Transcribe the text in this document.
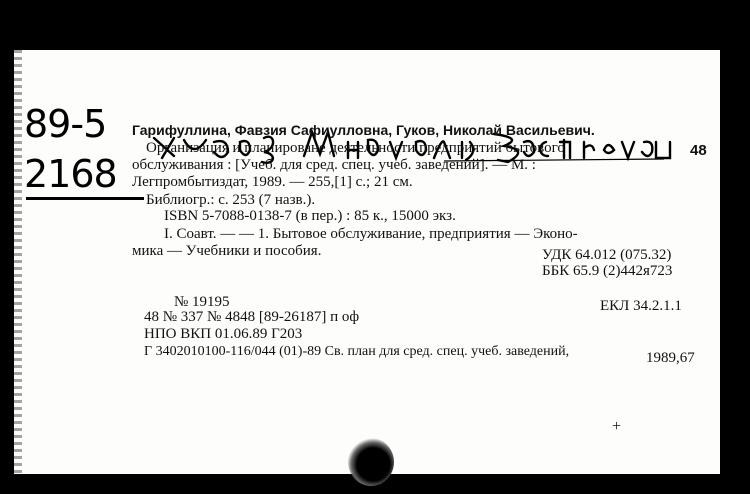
89-5
2168
48
Гарифуллина, Фавзия Сафиулловна, Гуков, Николай Васильевич.
Организация и планироване деятельности предприятий бытового
обслуживания : [Учеб. для сред. спец. учеб. заведений]. — М. :
Легпромбытиздат, 1989. — 255,[1] с.; 21 см.
Библиогр.: с. 253 (7 назв.).
ISBN 5-7088-0138-7 (в пер.) : 85 к., 15000 экз.
I. Соавт. — — 1. Бытовое обслуживание, предприятия — Эконо-
мика — Учебники и пособия.	УДК 64.012 (075.32)
ББК 65.9 (2)442я723
№ 19195
48 № 337 № 4848 [89-26187] п оф
ЕКЛ 34.2.1.1
НПО ВКП 01.06.89 Г203
Г 3402010100-116/044 (01)-89 Св. план для сред. спец. учеб. заведений,	1989,67
+
